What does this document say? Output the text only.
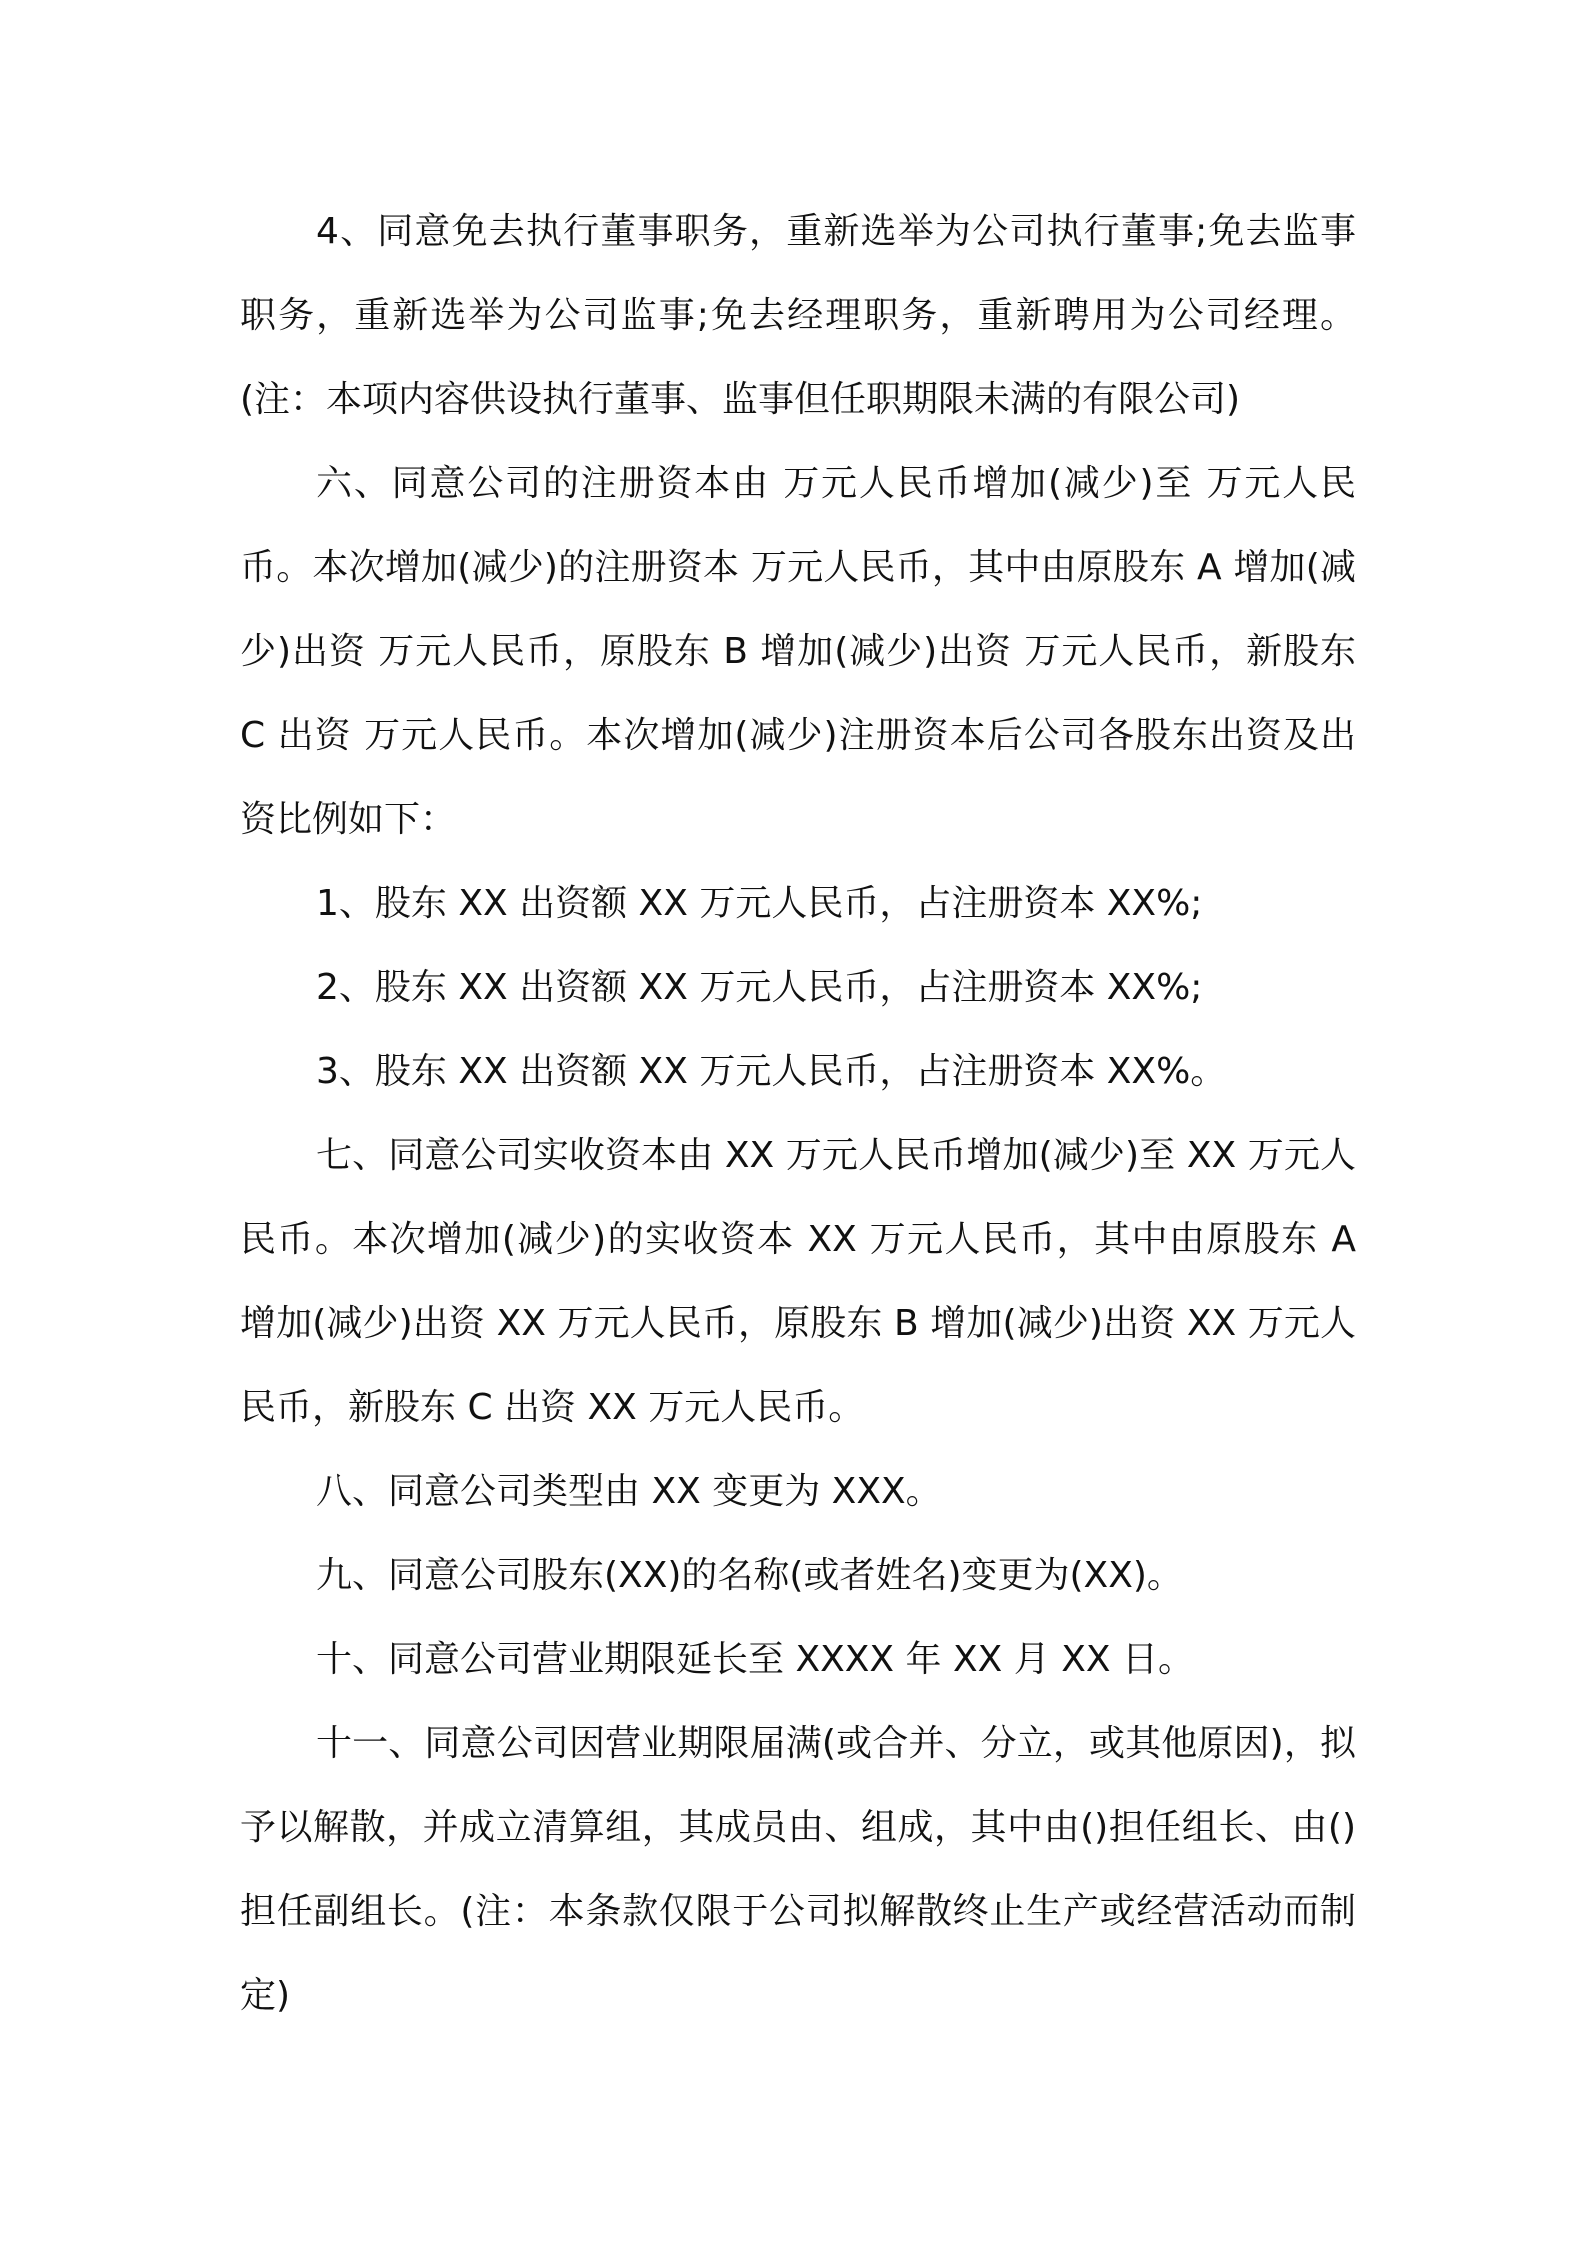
4、同意免去执行董事职务，重新选举为公司执行董事;免去监事职务，重新选举为公司监事;免去经理职务，重新聘用为公司经理。(注：本项内容供设执行董事、监事但任职期限未满的有限公司)

六、同意公司的注册资本由 万元人民币增加(减少)至 万元人民币。本次增加(减少)的注册资本 万元人民币，其中由原股东 A 增加(减少)出资 万元人民币，原股东 B 增加(减少)出资 万元人民币，新股东 C 出资 万元人民币。本次增加(减少)注册资本后公司各股东出资及出资比例如下：

1、股东 XX 出资额 XX 万元人民币，占注册资本 XX%;

2、股东 XX 出资额 XX 万元人民币，占注册资本 XX%;

3、股东 XX 出资额 XX 万元人民币，占注册资本 XX%。

七、同意公司实收资本由 XX 万元人民币增加(减少)至 XX 万元人民币。本次增加(减少)的实收资本 XX 万元人民币，其中由原股东 A 增加(减少)出资 XX 万元人民币，原股东 B 增加(减少)出资 XX 万元人民币，新股东 C 出资 XX 万元人民币。

八、同意公司类型由 XX 变更为 XXX。

九、同意公司股东(XX)的名称(或者姓名)变更为(XX)。

十、同意公司营业期限延长至 XXXX 年 XX 月 XX 日。

十一、同意公司因营业期限届满(或合并、分立，或其他原因)，拟予以解散，并成立清算组，其成员由、组成，其中由()担任组长、由()担任副组长。(注：本条款仅限于公司拟解散终止生产或经营活动而制定)
